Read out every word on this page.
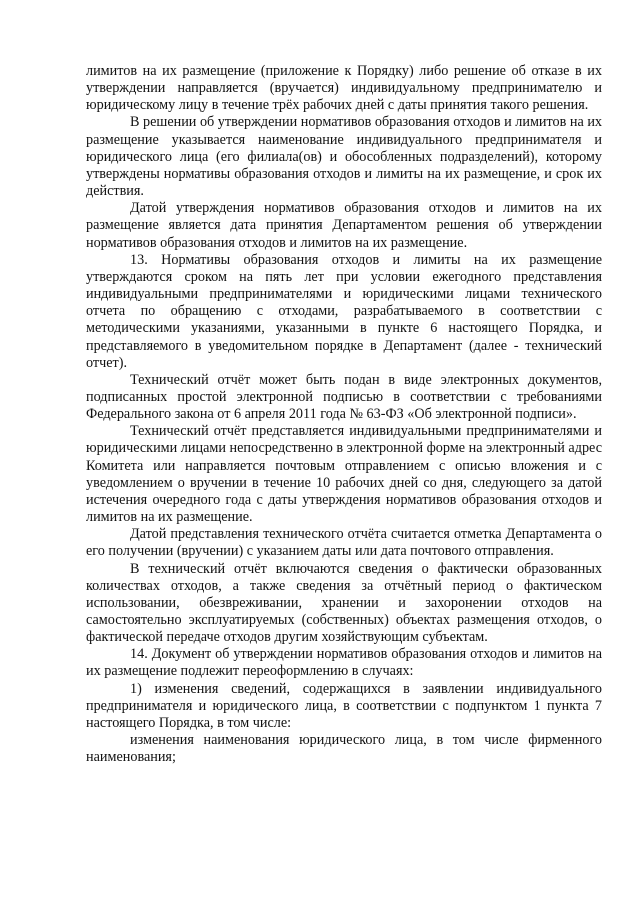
лимитов на их размещение (приложение к Порядку) либо решение об отказе в их утверждении направляется (вручается) индивидуальному предпринимателю и юридическому лицу в течение трёх рабочих дней с даты принятия такого решения.

В решении об утверждении нормативов образования отходов и лимитов на их размещение указывается наименование индивидуального предпринимателя и юридического лица (его филиала(ов) и обособленных подразделений), которому утверждены нормативы образования отходов и лимиты на их размещение, и срок их действия.

Датой утверждения нормативов образования отходов и лимитов на их размещение является дата принятия Департаментом решения об утверждении нормативов образования отходов и лимитов на их размещение.

13. Нормативы образования отходов и лимиты на их размещение утверждаются сроком на пять лет при условии ежегодного представления индивидуальными предпринимателями и юридическими лицами технического отчета по обращению с отходами, разрабатываемого в соответствии с методическими указаниями, указанными в пункте 6 настоящего Порядка, и представляемого в уведомительном порядке в Департамент (далее - технический отчет).

Технический отчёт может быть подан в виде электронных документов, подписанных простой электронной подписью в соответствии с требованиями Федерального закона от 6 апреля 2011 года № 63-ФЗ «Об электронной подписи».

Технический отчёт представляется индивидуальными предпринимателями и юридическими лицами непосредственно в электронной форме на электронный адрес Комитета или направляется почтовым отправлением с описью вложения и с уведомлением о вручении в течение 10 рабочих дней со дня, следующего за датой истечения очередного года с даты утверждения нормативов образования отходов и лимитов на их размещение.

Датой представления технического отчёта считается отметка Департамента о его получении (вручении) с указанием даты или дата почтового отправления.

В технический отчёт включаются сведения о фактически образованных количествах отходов, а также сведения за отчётный период о фактическом использовании, обезвреживании, хранении и захоронении отходов на самостоятельно эксплуатируемых (собственных) объектах размещения отходов, о фактической передаче отходов другим хозяйствующим субъектам.

14. Документ об утверждении нормативов образования отходов и лимитов на их размещение подлежит переоформлению в случаях:

1) изменения сведений, содержащихся в заявлении индивидуального предпринимателя и юридического лица, в соответствии с подпунктом 1 пункта 7 настоящего Порядка, в том числе:

изменения наименования юридического лица, в том числе фирменного наименования;
